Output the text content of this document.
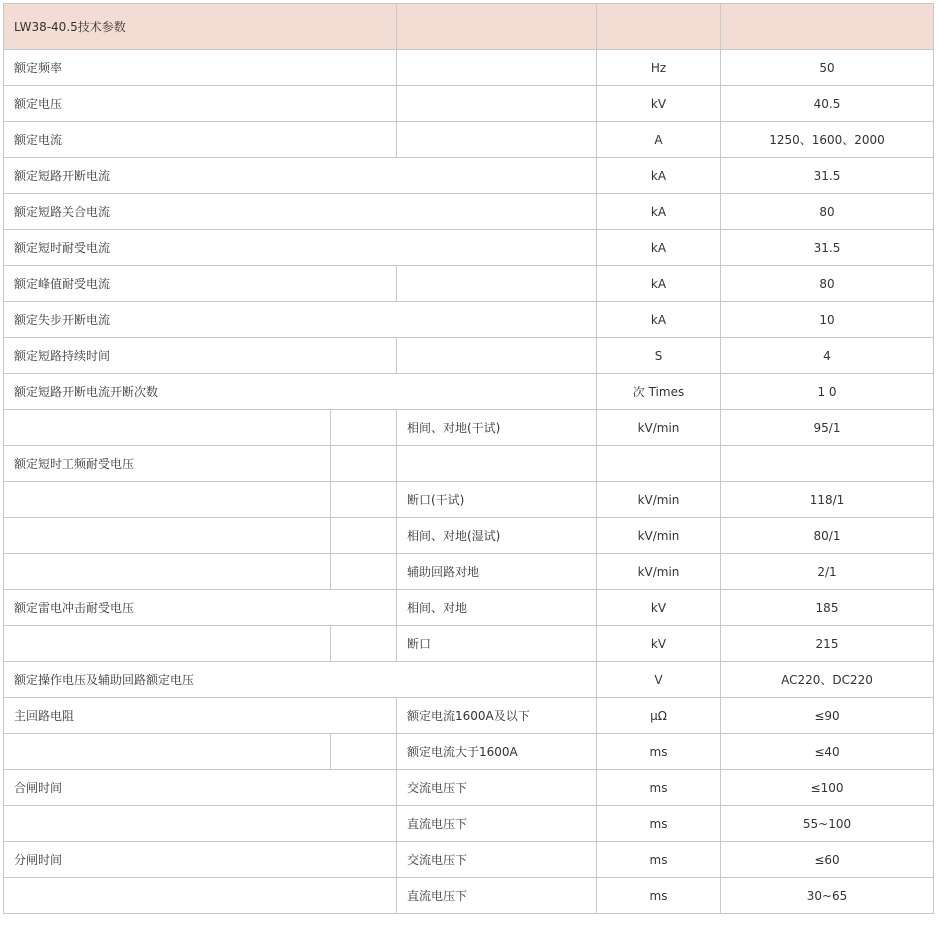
LW38-40.5技术参数				
额定频率			Hz	50
额定电压			kV	40.5
额定电流			A	1250、1600、2000
额定短路开断电流			kA	31.5
额定短路关合电流			kA	80
额定短时耐受电流			kA	31.5
额定峰值耐受电流			kA	80
额定失步开断电流			kA	10
额定短路持续时间			S	4
额定短路开断电流开断次数			次 Times	1 0
		相间、对地(干试)	kV/min	95/1
额定短时工频耐受电压				
		断口(干试)	kV/min	118/1
		相间、对地(湿试)	kV/min	80/1
		辅助回路对地	kV/min	2/1
额定雷电冲击耐受电压		相间、对地	kV	185
		断口	kV	215
额定操作电压及辅助回路额定电压			V	AC220、DC220
主回路电阻		额定电流1600A及以下	μΩ	≤90
		额定电流大于1600A	ms	≤40
合闸时间		交流电压下	ms	≤100
		直流电压下	ms	55~100
分闸时间		交流电压下	ms	≤60
		直流电压下	ms	30~65
